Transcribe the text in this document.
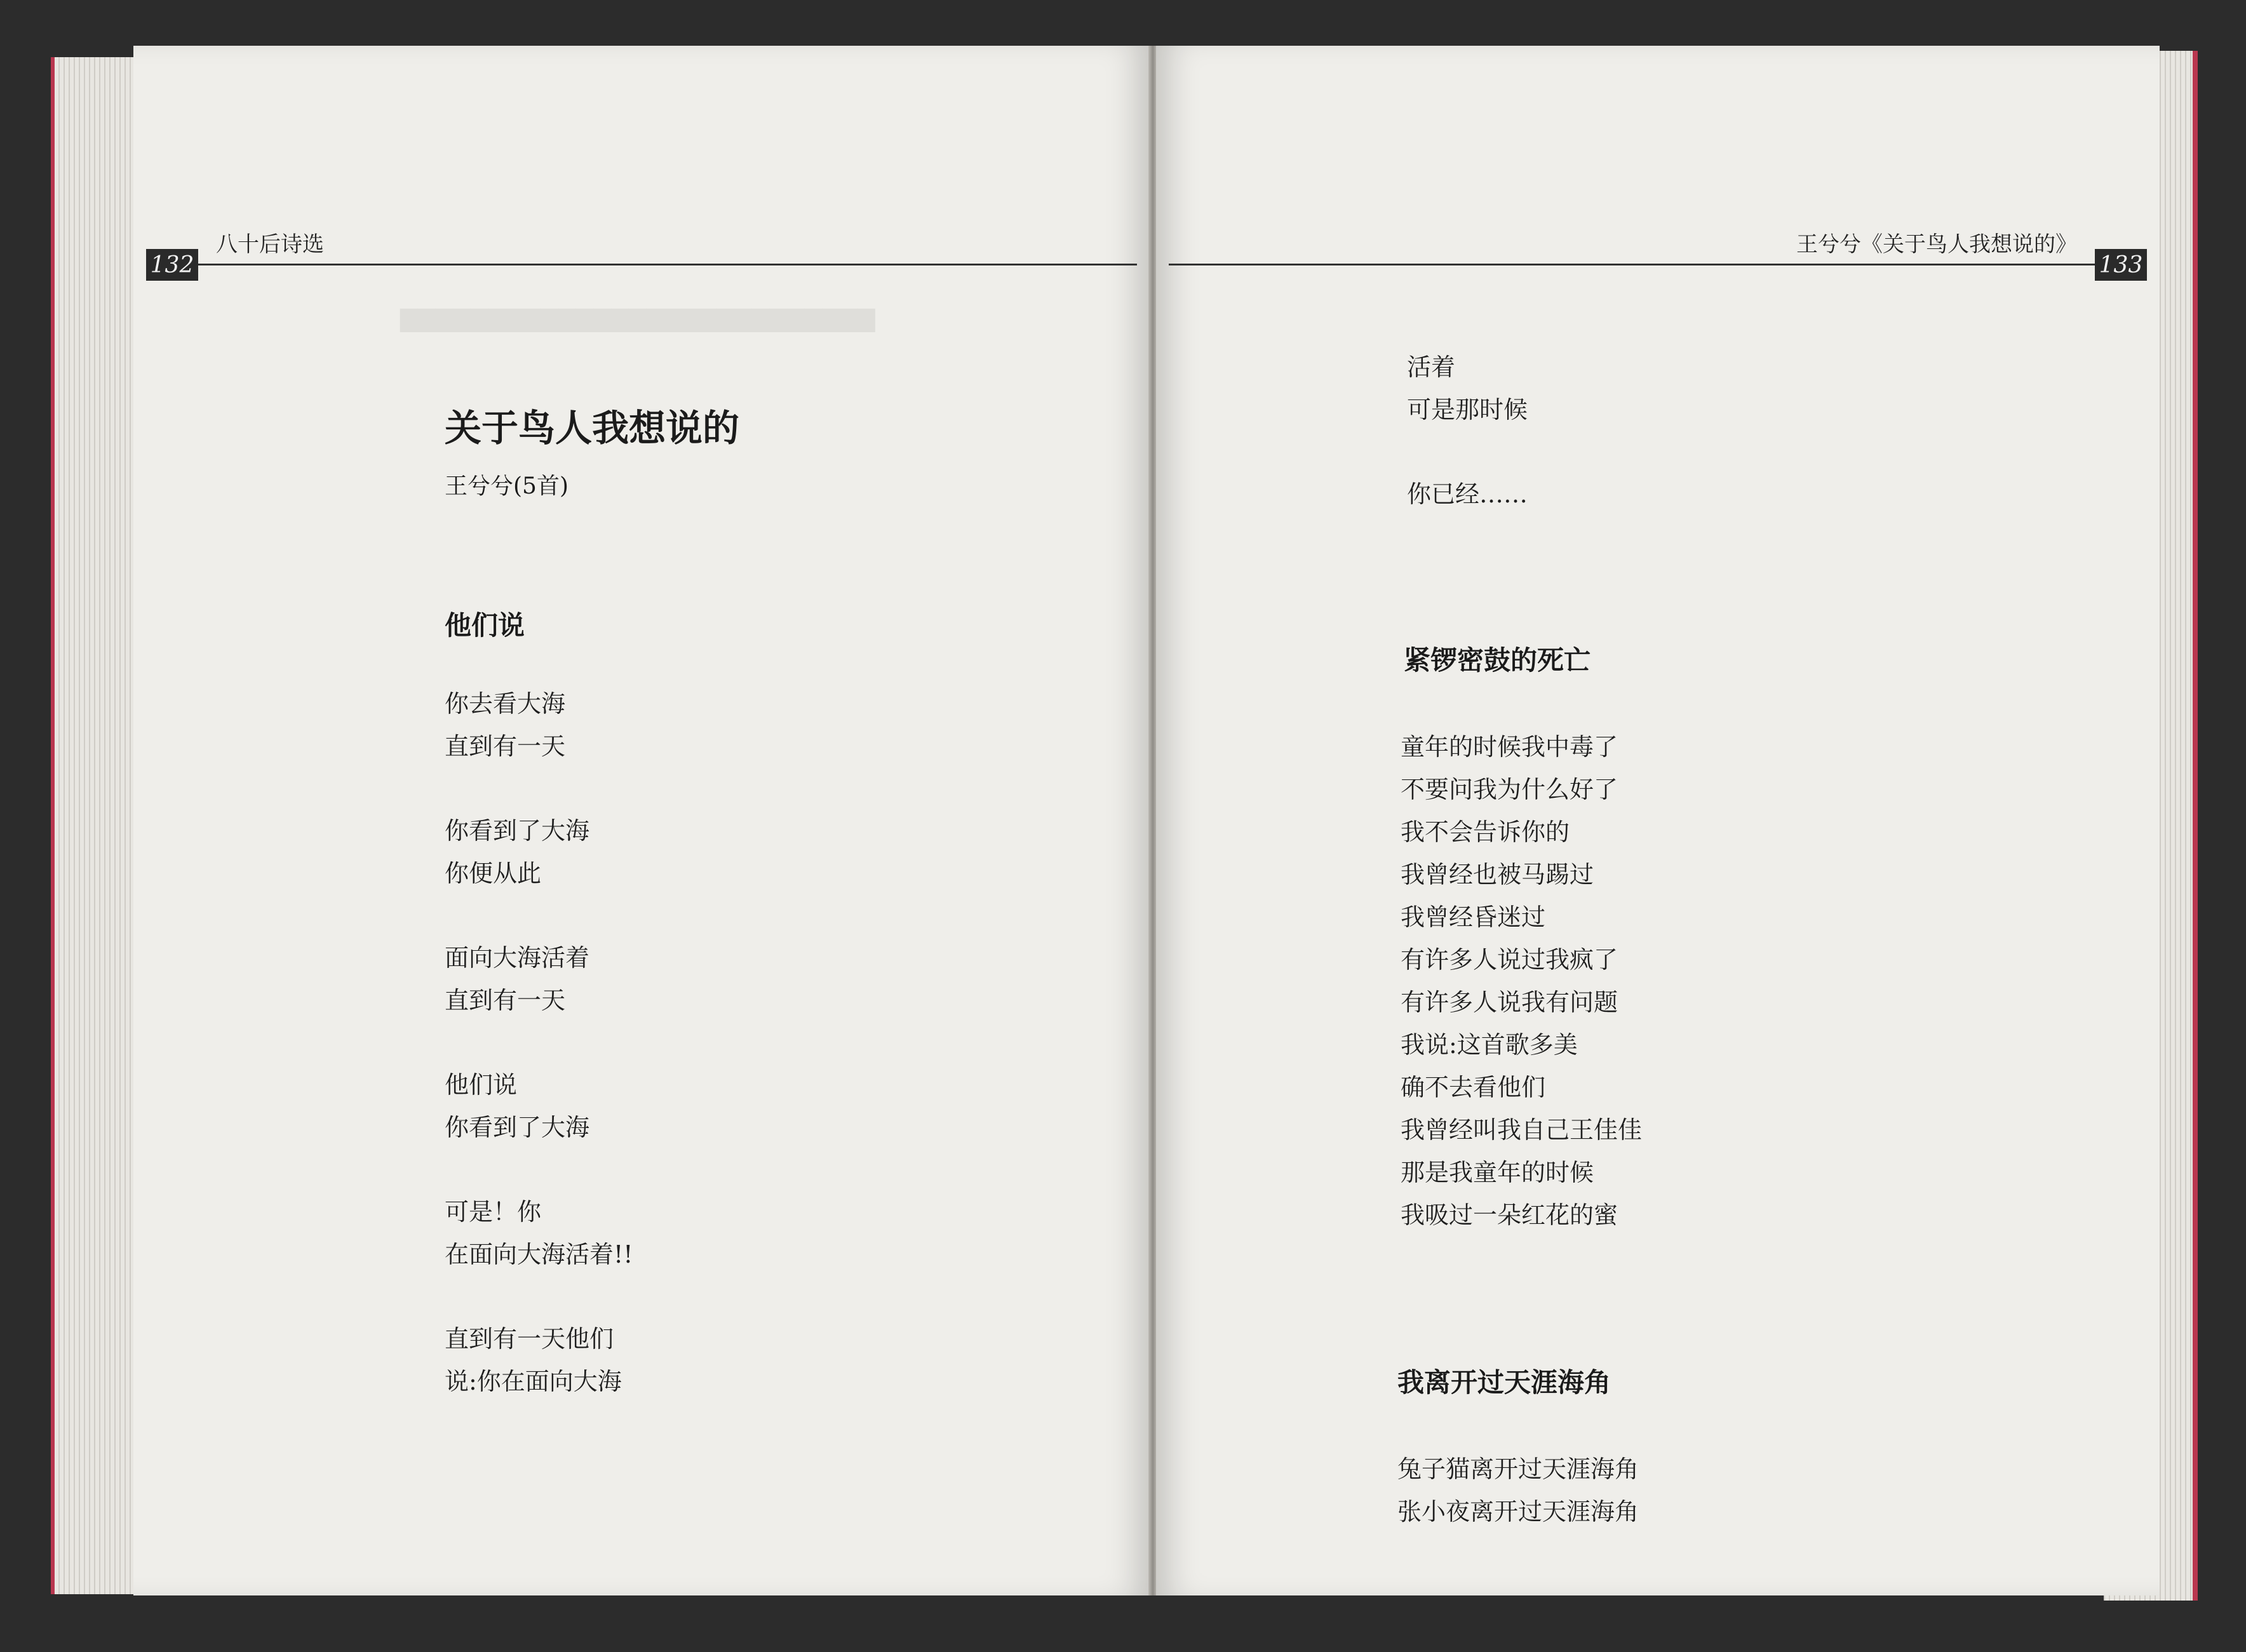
132
八十后诗选
▇▇▇▇▇▇▇▇▇▇▇▇▇▇▇▇▇▇▇▇▇▇▇▇▇▇▇
关于鸟人我想说的
王兮兮(5首)
他们说
你去看大海
直到有一天
你看到了大海
你便从此
面向大海活着
直到有一天
他们说
你看到了大海
可是！你
在面向大海活着!!
直到有一天他们
说:你在面向大海
王兮兮《关于鸟人我想说的》
133
活着
可是那时候
你已经……
紧锣密鼓的死亡
童年的时候我中毒了
不要问我为什么好了
我不会告诉你的
我曾经也被马踢过
我曾经昏迷过
有许多人说过我疯了
有许多人说我有问题
我说:这首歌多美
确不去看他们
我曾经叫我自己王佳佳
那是我童年的时候
我吸过一朵红花的蜜
我离开过天涯海角
兔子猫离开过天涯海角
张小夜离开过天涯海角
